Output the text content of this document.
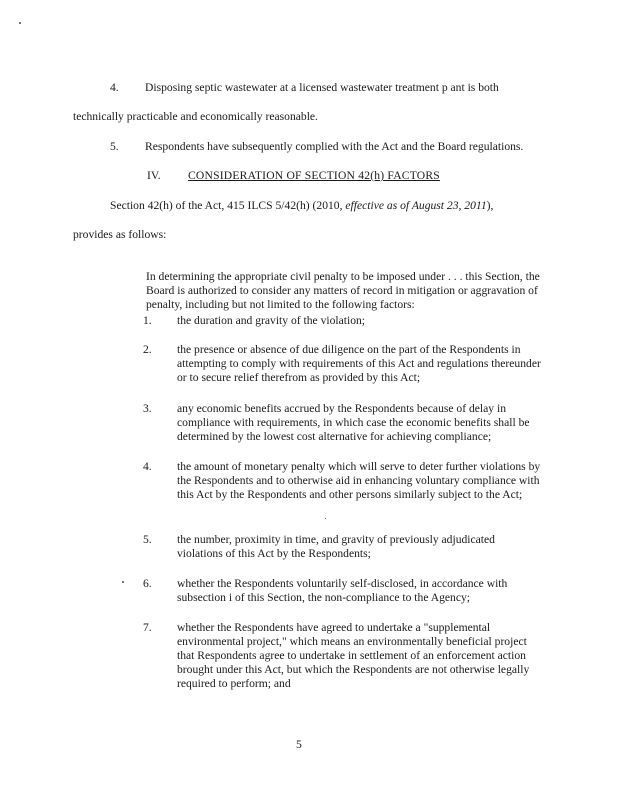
4. Disposing septic wastewater at a licensed wastewater treatment p ant is both
technically practicable and economically reasonable.
5. Respondents have subsequently complied with the Act and the Board regulations.
IV. CONSIDERATION OF SECTION 42(h) FACTORS
Section 42(h) of the Act, 415 ILCS 5/42(h) (2010, effective as of August 23, 2011),
provides as follows:

In determining the appropriate civil penalty to be imposed under . . . this Section, the Board is authorized to consider any matters of record in mitigation or aggravation of penalty, including but not limited to the following factors:

1. the duration and gravity of the violation;

2. the presence or absence of due diligence on the part of the Respondents in attempting to comply with requirements of this Act and regulations thereunder or to secure relief therefrom as provided by this Act;

3. any economic benefits accrued by the Respondents because of delay in compliance with requirements, in which case the economic benefits shall be determined by the lowest cost alternative for achieving compliance;

4. the amount of monetary penalty which will serve to deter further violations by the Respondents and to otherwise aid in enhancing voluntary compliance with this Act by the Respondents and other persons similarly subject to the Act;

5. the number, proximity in time, and gravity of previously adjudicated violations of this Act by the Respondents;

6. whether the Respondents voluntarily self-disclosed, in accordance with subsection i of this Section, the non-compliance to the Agency;

7. whether the Respondents have agreed to undertake a "supplemental environmental project," which means an environmentally beneficial project that Respondents agree to undertake in settlement of an enforcement action brought under this Act, but which the Respondents are not otherwise legally required to perform; and

5
